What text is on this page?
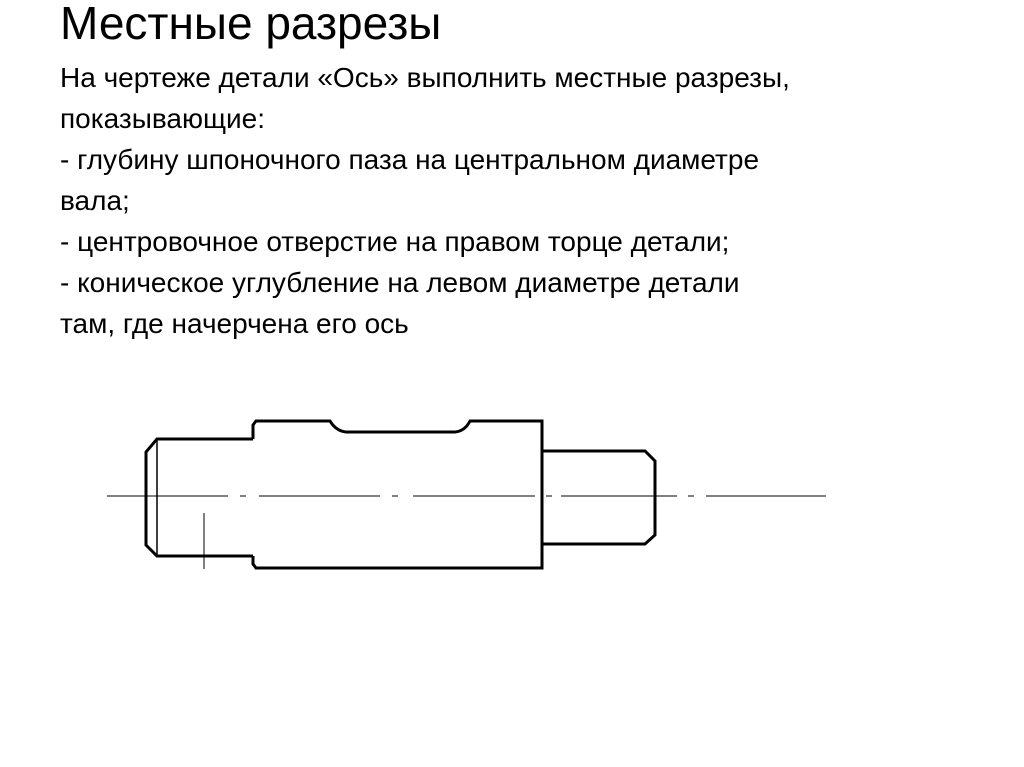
Местные разрезы
На чертеже детали «Ось» выполнить местные разрезы,
показывающие:
- глубину шпоночного паза на центральном диаметре
вала;
- центровочное отверстие на правом торце детали;
- коническое углубление на левом диаметре детали
там, где начерчена его ось
